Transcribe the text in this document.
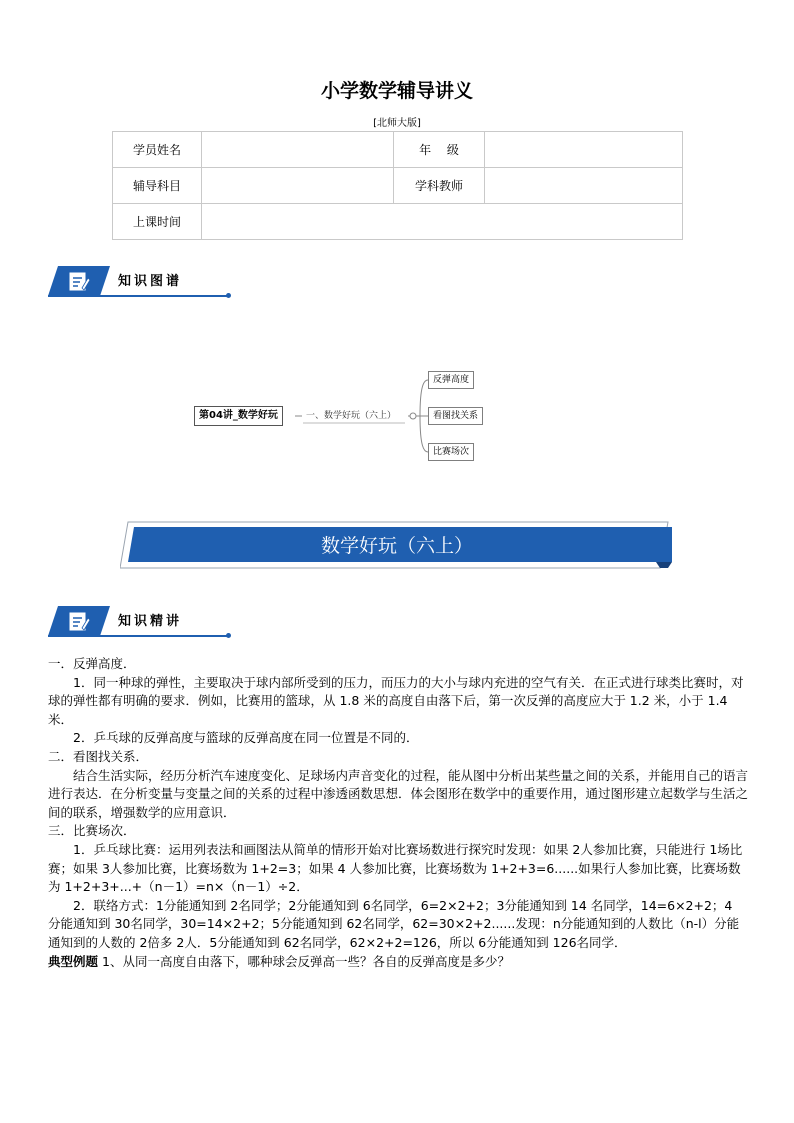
小学数学辅导讲义
[北师大版]
学员姓名		年　 级	
辅导科目		学科教师	
上课时间			
知识图谱
第04讲_数学好玩	一、数学好玩（六上）
反弹高度
看图找关系
比赛场次
数学好玩（六上）
知识精讲

一．反弹高度．

1．同一种球的弹性，主要取决于球内部所受到的压力，而压力的大小与球内充进的空气有关．在正式进行球类比赛时，对球的弹性都有明确的要求．例如，比赛用的篮球，从 1.8 米的高度自由落下后，第一次反弹的高度应大于 1.2 米，小于 1.4 米．

2．乒乓球的反弹高度与篮球的反弹高度在同一位置是不同的．

二．看图找关系．

结合生活实际，经历分析汽车速度变化、足球场内声音变化的过程，能从图中分析出某些量之间的关系，并能用自己的语言进行表达．在分析变量与变量之间的关系的过程中渗透函数思想．体会图形在数学中的重要作用，通过图形建立起数学与生活之间的联系，增强数学的应用意识．

三．比赛场次．

1．乒乓球比赛：运用列表法和画图法从简单的情形开始对比赛场数进行探究时发现：如果 2人参加比赛，只能进行 1场比赛；如果 3人参加比赛，比赛场数为 1+2=3；如果 4 人参加比赛，比赛场数为 1+2+3=6......如果行人参加比赛，比赛场数为 1+2+3+...+（n－1）=n×（n－1）÷2．

2．联络方式：1分能通知到 2名同学；2分能通知到 6名同学，6=2×2+2；3分能通知到 14 名同学，14=6×2+2；4 分能通知到 30名同学，30=14×2+2；5分能通知到 62名同学，62=30×2+2......发现：n分能通知到的人数比（n-l）分能通知到的人数的 2倍多 2人．5分能通知到 62名同学，62×2+2=126，所以 6分能通知到 126名同学．

典型例题 1、从同一高度自由落下，哪种球会反弹高一些？各自的反弹高度是多少？
